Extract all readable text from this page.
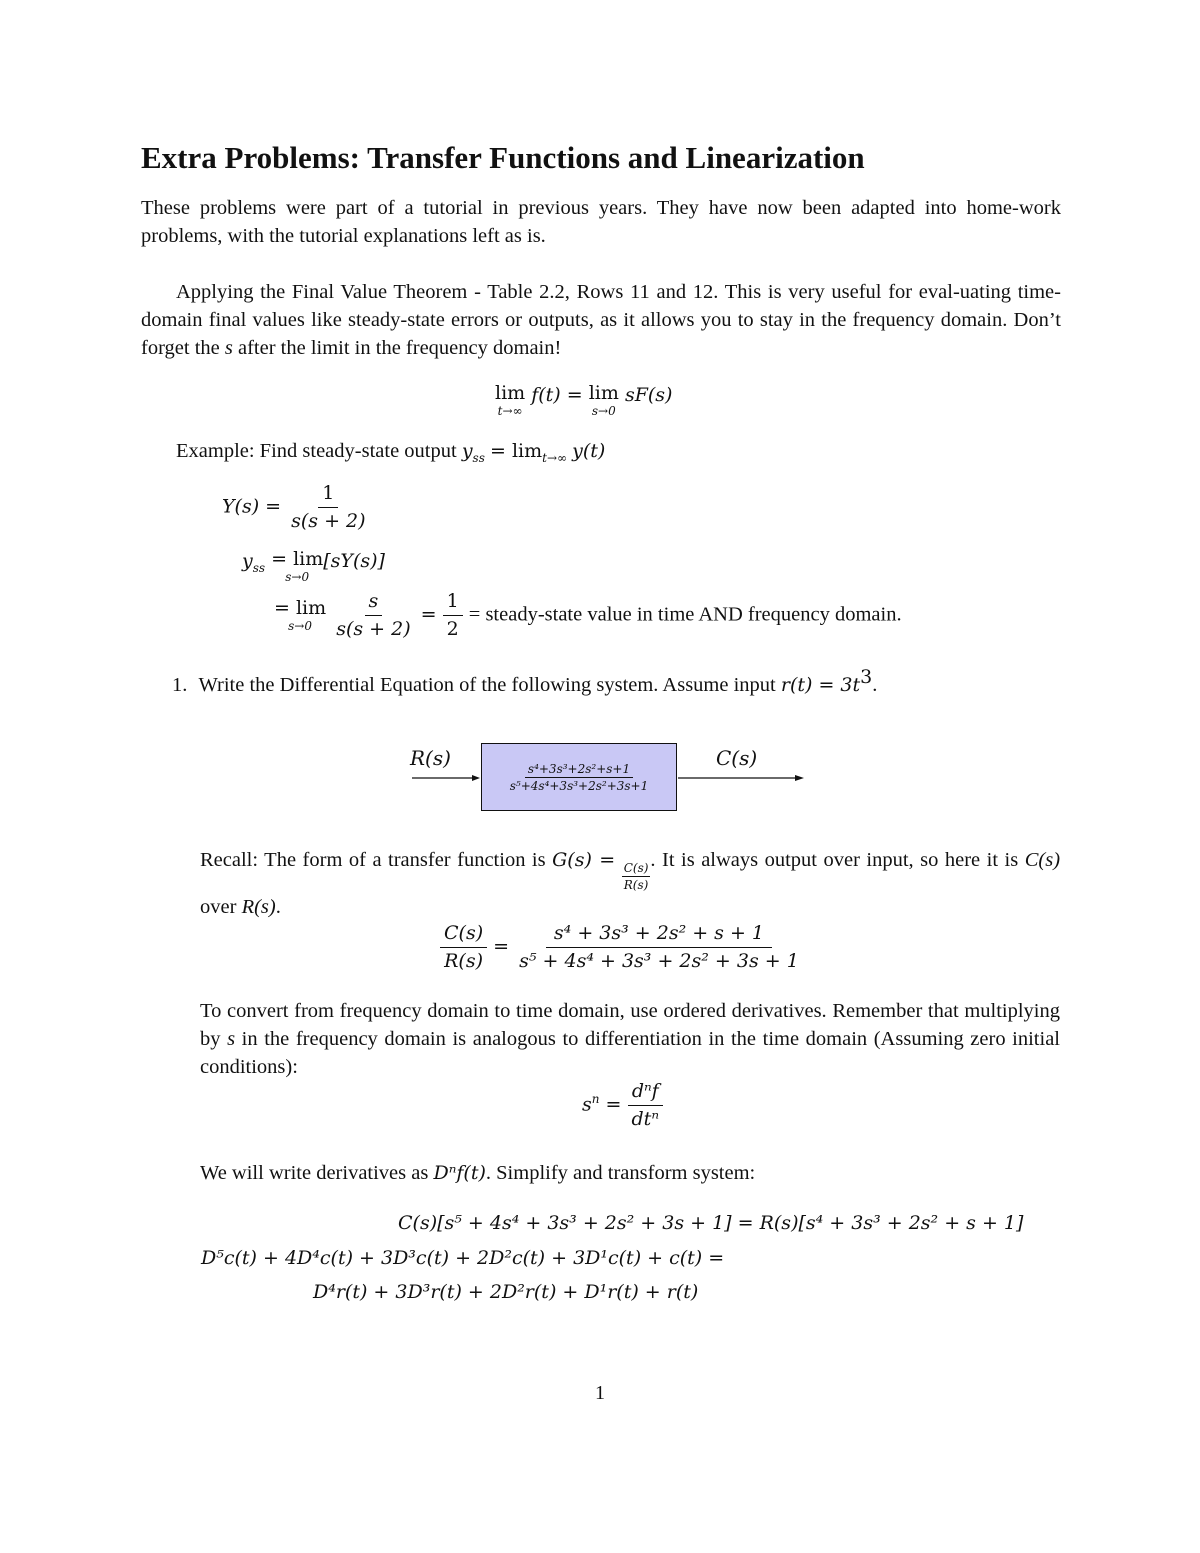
Extra Problems: Transfer Functions and Linearization
These problems were part of a tutorial in previous years. They have now been adapted into home-work problems, with the tutorial explanations left as is.
Applying the Final Value Theorem - Table 2.2, Rows 11 and 12. This is very useful for eval-uating time-domain final values like steady-state errors or outputs, as it allows you to stay in the frequency domain. Don’t forget the s after the limit in the frequency domain!
lim
t→∞
f(t) = lim
s→0
sF(s)
Example: Find steady-state output $y_{ss} = \lim_{t\to\infty} y(t)$
$Y(s) = \frac{1}{s(s + 2)}$
$y_{ss} = \lim$
s→0
[sY(s)]
= lim
s→0
$\frac{s}{s(s + 2)} = \frac{1}{2}$ = steady-state value in time AND frequency domain.
1. Write the Differential Equation of the following system. Assume input $r(t) = 3t^3$.
R(s)	C(s)
s⁴+3s³+2s²+s+1
s⁵+4s⁴+3s³+2s²+3s+1
Recall: The form of a transfer function is G(s) =
$\frac{C(s)}{R(s)}$
. It is always output over input, so here it is C(s) over R(s).
$\frac{C(s)}{R(s)} = \frac{\text{s⁴ + 3s³ + 2s² + s + 1}}{\text{s⁵ + 4s⁴ + 3s³ + 2s² + 3s + 1}}$
To convert from frequency domain to time domain, use ordered derivatives. Remember that multiplying by s in the frequency domain is analogous to differentiation in the time domain (Assuming zero initial conditions):
$s^n = \frac{\text{dⁿf}}{\text{dtⁿ}}$
We will write derivatives as Dⁿf(t). Simplify and transform system:
C(s)[s⁵ + 4s⁴ + 3s³ + 2s² + 3s + 1] = R(s)[s⁴ + 3s³ + 2s² + s + 1]
D⁵c(t) + 4D⁴c(t) + 3D³c(t) + 2D²c(t) + 3D¹c(t) + c(t) =
D⁴r(t) + 3D³r(t) + 2D²r(t) + D¹r(t) + r(t)
1
